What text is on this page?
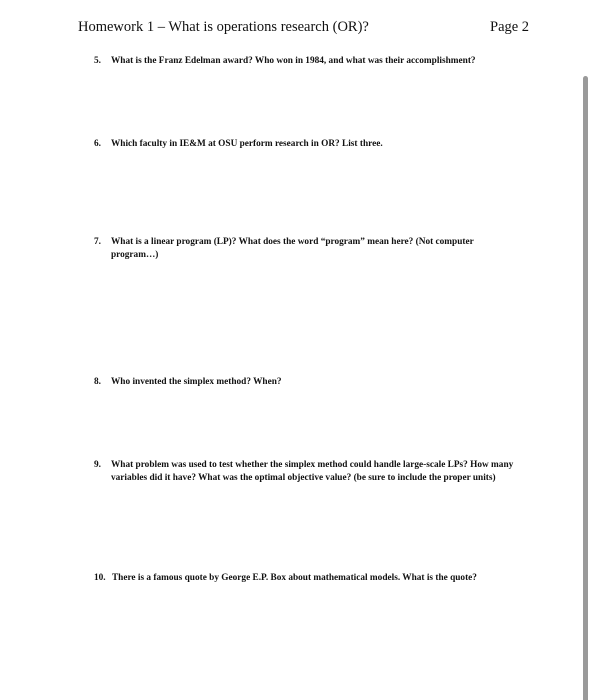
Homework 1 – What is operations research (OR)?	Page 2
5. What is the Franz Edelman award? Who won in 1984, and what was their accomplishment?
6. Which faculty in IE&M at OSU perform research in OR? List three.
7. What is a linear program (LP)? What does the word “program” mean here? (Not computer program…)
8. Who invented the simplex method? When?
9. What problem was used to test whether the simplex method could handle large-scale LPs? How many variables did it have? What was the optimal objective value? (be sure to include the proper units)
10. There is a famous quote by George E.P. Box about mathematical models. What is the quote?
